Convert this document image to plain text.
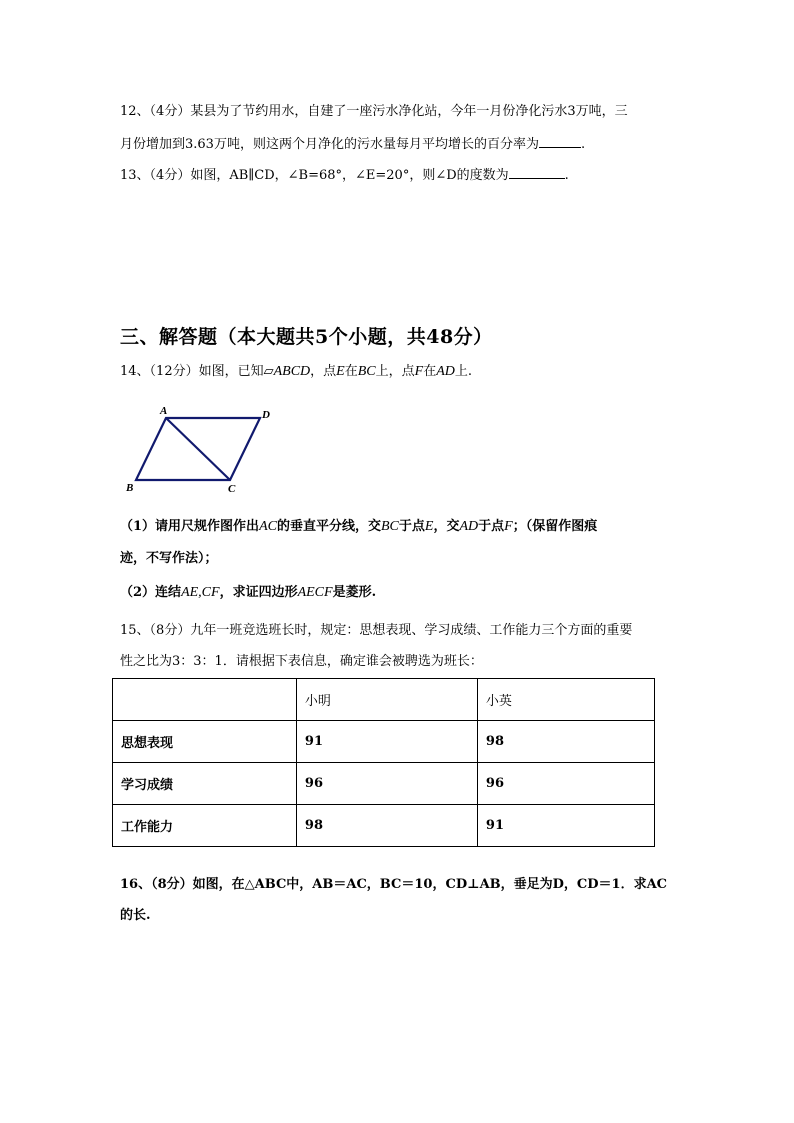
12、（4分）某县为了节约用水，自建了一座污水净化站，今年一月份净化污水3万吨，三
月份增加到3.63万吨，则这两个月净化的污水量每月平均增长的百分率为	.
13、（4分）如图，AB∥CD，∠B=68°，∠E=20°，则∠D的度数为	.
三、解答题（本大题共5个小题，共48分）
14、（12分）如图，已知▱ABCD，点E在BC上，点F在AD上.
A	D
B	C
（1）请用尺规作图作出AC的垂直平分线，交BC于点E，交AD于点F；（保留作图痕
迹，不写作法）；
（2）连结AE,CF，求证四边形AECF是菱形.
15、（8分）九年一班竞选班长时，规定：思想表现、学习成绩、工作能力三个方面的重要
性之比为3：3：1．请根据下表信息，确定谁会被聘选为班长：
	小明	小英
思想表现	91	98
学习成绩	96	96
工作能力	98	91
16、（8分）如图，在△ABC中，AB＝AC，BC＝10，CD⊥AB，垂足为D，CD＝1．求AC
的长.
